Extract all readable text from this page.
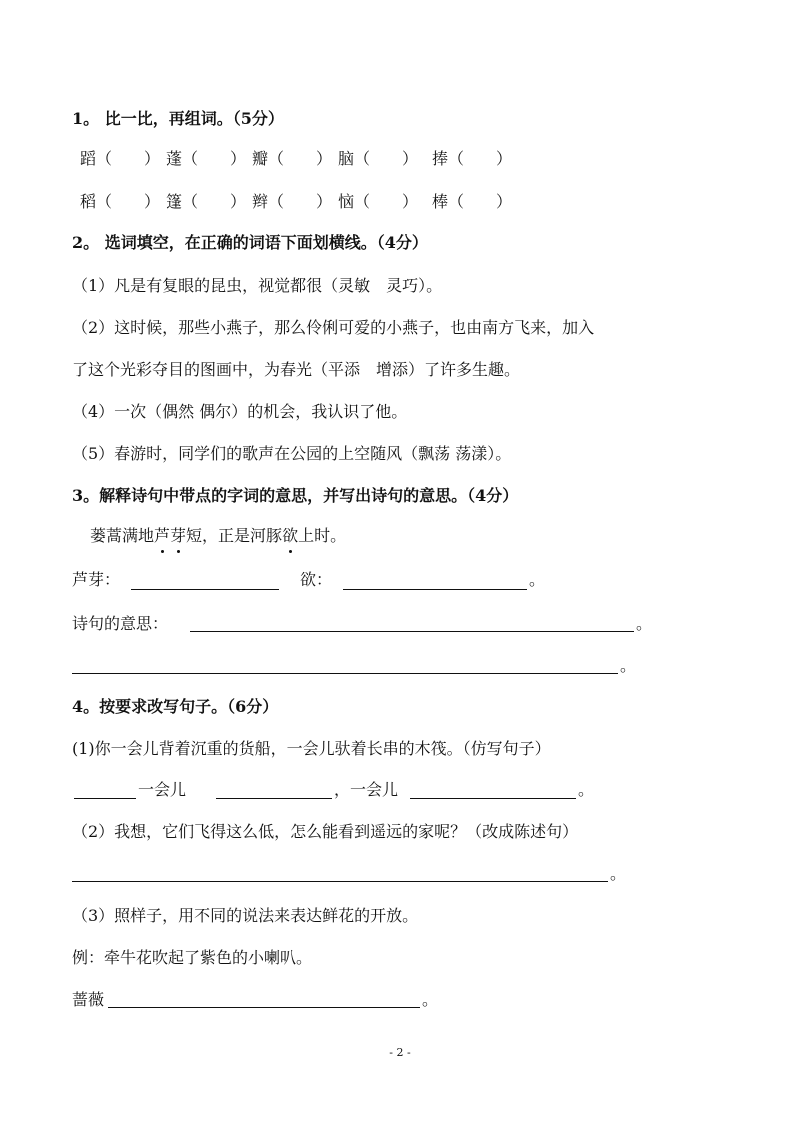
1。 比一比，再组词。（5分）
蹈（　　） 蓬（　　） 瓣（　　） 脑（　　） 捧（　　）
稻（　　） 篷（　　） 辫（　　） 恼（　　） 棒（　　）
2。 选词填空，在正确的词语下面划横线。（4分）
（1）凡是有复眼的昆虫，视觉都很（灵敏　灵巧）。
（2）这时候，那些小燕子，那么伶俐可爱的小燕子，也由南方飞来，加入
了这个光彩夺目的图画中，为春光（平添　增添）了许多生趣。
（4）一次（偶然 偶尔）的机会，我认识了他。
（5）春游时，同学们的歌声在公园的上空随风（飘荡 荡漾）。
3。解释诗句中带点的字词的意思，并写出诗句的意思。（4分）
蒌蒿满地芦芽短，正是河豚欲上时。
芦芽：	欲：	。
诗句的意思：	。
。
4。按要求改写句子。（6分）
(1)你一会儿背着沉重的货船，一会儿驮着长串的木筏。（仿写句子）
一会儿	，一会儿	。
（2）我想，它们飞得这么低，怎么能看到遥远的家呢？（改成陈述句）
。
（3）照样子，用不同的说法来表达鲜花的开放。
例：牵牛花吹起了紫色的小喇叭。
蔷薇	。
- 2 -
